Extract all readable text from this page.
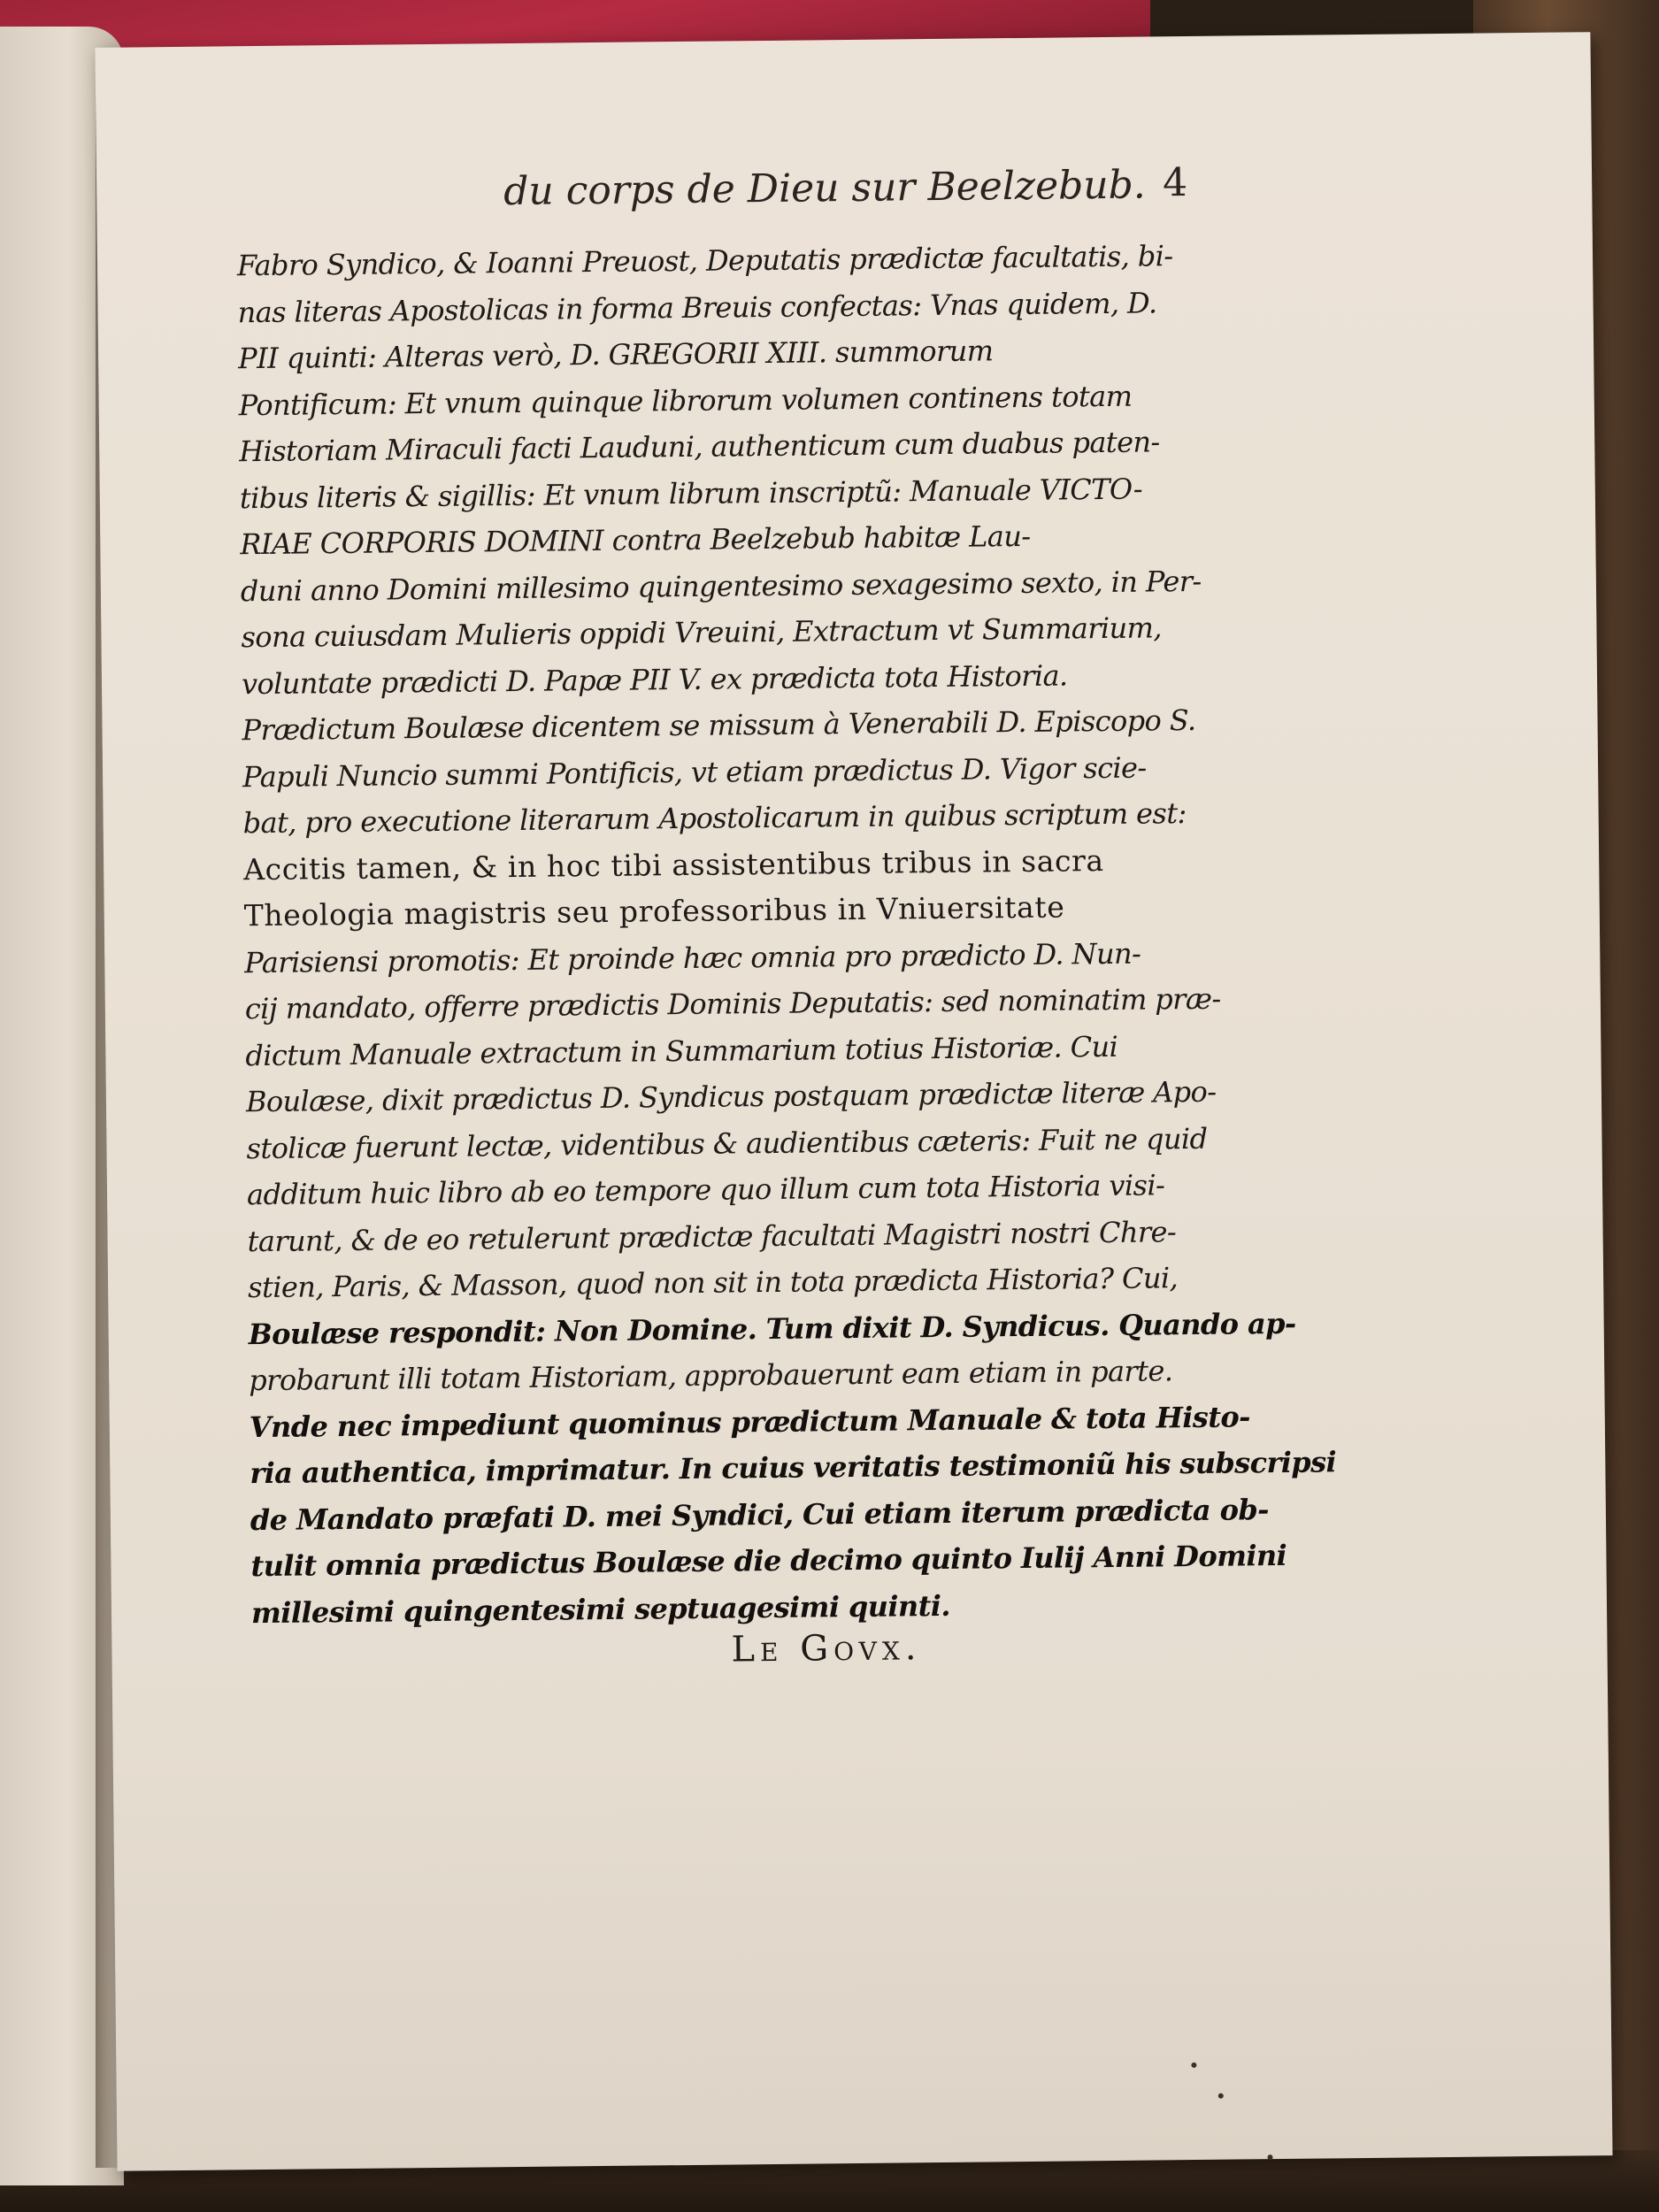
du corps de Dieu sur Beelzebub. 4
Fabro Syndico, & Ioanni Preuost, Deputatis prædictæ facultatis, bi-
nas literas Apostolicas in forma Breuis confectas: Vnas quidem, D.
PII quinti: Alteras verò, D. GREGORII XIII. summorum
Pontificum: Et vnum quinque librorum volumen continens totam
Historiam Miraculi facti Lauduni, authenticum cum duabus paten-
tibus literis & sigillis: Et vnum librum inscriptũ: Manuale VICTO-
RIAE CORPORIS DOMINI contra Beelzebub habitæ Lau-
duni anno Domini millesimo quingentesimo sexagesimo sexto, in Per-
sona cuiusdam Mulieris oppidi Vreuini, Extractum vt Summarium,
voluntate prædicti D. Papæ PII V. ex prædicta tota Historia.
Prædictum Boulæse dicentem se missum à Venerabili D. Episcopo S.
Papuli Nuncio summi Pontificis, vt etiam prædictus D. Vigor scie-
bat, pro executione literarum Apostolicarum in quibus scriptum est:
Accitis tamen, & in hoc tibi assistentibus tribus in sacra
Theologia magistris seu professoribus in Vniuersitate
Parisiensi promotis: Et proinde hæc omnia pro prædicto D. Nun-
cij mandato, offerre prædictis Dominis Deputatis: sed nominatim præ-
dictum Manuale extractum in Summarium totius Historiæ. Cui
Boulæse, dixit prædictus D. Syndicus postquam prædictæ literæ Apo-
stolicæ fuerunt lectæ, videntibus & audientibus cæteris: Fuit ne quid
additum huic libro ab eo tempore quo illum cum tota Historia visi-
tarunt, & de eo retulerunt prædictæ facultati Magistri nostri Chre-
stien, Paris, & Masson, quod non sit in tota prædicta Historia? Cui,
Boulæse respondit: Non Domine. Tum dixit D. Syndicus. Quando ap-
probarunt illi totam Historiam, approbauerunt eam etiam in parte.
Vnde nec impediunt quominus prædictum Manuale & tota Histo-
ria authentica, imprimatur. In cuius veritatis testimoniũ his subscripsi
de Mandato præfati D. mei Syndici, Cui etiam iterum prædicta ob-
tulit omnia prædictus Boulæse die decimo quinto Iulij Anni Domini
millesimi quingentesimi septuagesimi quinti.
Le Govx.
